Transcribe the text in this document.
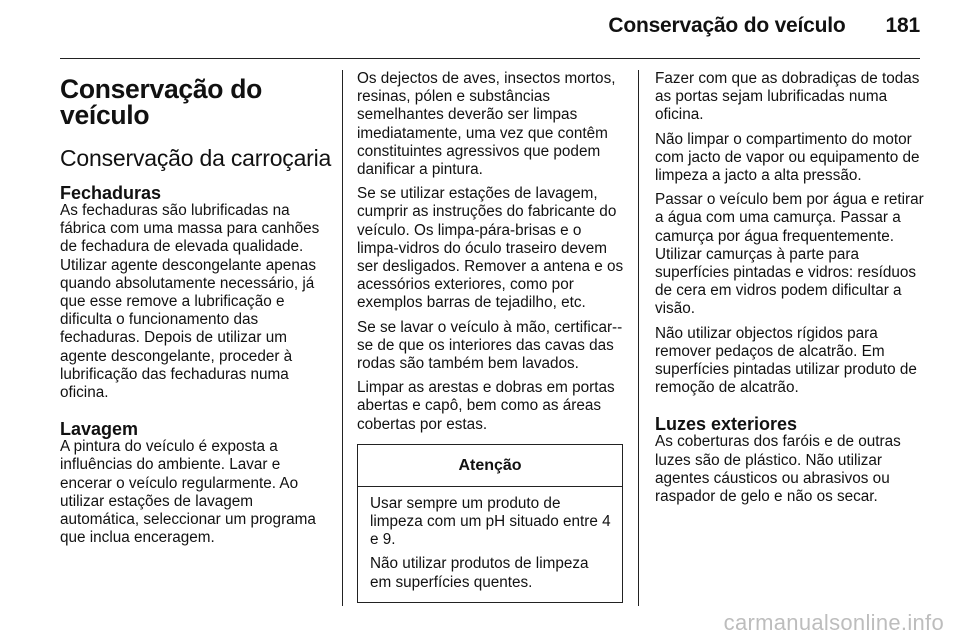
Conservação do veículo 181
Conservação do veículo
Conservação da carroçaria
Fechaduras

As fechaduras são lubrificadas na fábrica com uma massa para canhões de fechadura de elevada qualidade. Utilizar agente descongelante apenas quando absolutamente necessário, já que esse remove a lubrificação e dificulta o funcionamento das fechaduras. Depois de utilizar um agente descongelante, proceder à lubrificação das fechaduras numa oficina.

Lavagem

A pintura do veículo é exposta a influências do ambiente. Lavar e encerar o veículo regularmente. Ao utilizar estações de lavagem automática, seleccionar um programa que inclua enceragem.

Os dejectos de aves, insectos mortos, resinas, pólen e substâncias semelhantes deverão ser limpas imediatamente, uma vez que contêm constituintes agressivos que podem danificar a pintura.

Se se utilizar estações de lavagem, cumprir as instruções do fabricante do veículo. Os limpa-pára-brisas e o limpa-vidros do óculo traseiro devem ser desligados. Remover a antena e os acessórios exteriores, como por exemplos barras de tejadilho, etc.

Se se lavar o veículo à mão, certificar--se de que os interiores das cavas das rodas são também bem lavados.

Limpar as arestas e dobras em portas abertas e capô, bem como as áreas cobertas por estas.

Atenção

Usar sempre um produto de limpeza com um pH situado entre 4 e 9.

Não utilizar produtos de limpeza em superfícies quentes.

Fazer com que as dobradiças de todas as portas sejam lubrificadas numa oficina.

Não limpar o compartimento do motor com jacto de vapor ou equipamento de limpeza a jacto a alta pressão.

Passar o veículo bem por água e retirar a água com uma camurça. Passar a camurça por água frequentemente. Utilizar camurças à parte para superfícies pintadas e vidros: resíduos de cera em vidros podem dificultar a visão.

Não utilizar objectos rígidos para remover pedaços de alcatrão. Em superfícies pintadas utilizar produto de remoção de alcatrão.

Luzes exteriores

As coberturas dos faróis e de outras luzes são de plástico. Não utilizar agentes cáusticos ou abrasivos ou raspador de gelo e não os secar.

carmanualsonline.info
